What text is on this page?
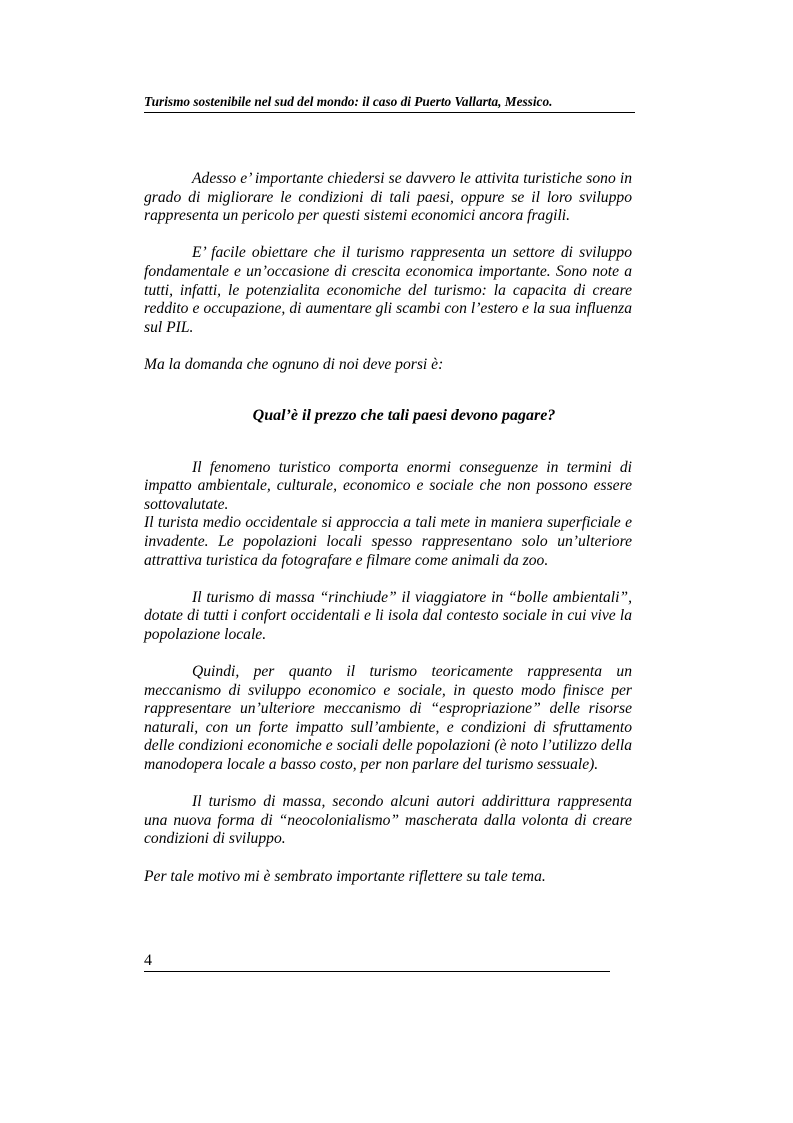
Turismo sostenibile nel sud del mondo: il caso di Puerto Vallarta, Messico.

Adesso e’ importante chiedersi se davvero le attivita turistiche sono in grado di migliorare le condizioni di tali paesi, oppure se il loro sviluppo rappresenta un pericolo per questi sistemi economici ancora fragili.

E’ facile obiettare che il turismo rappresenta un settore di sviluppo fondamentale e un’occasione di crescita economica importante. Sono note a tutti, infatti, le potenzialita economiche del turismo: la capacita di creare reddito e occupazione, di aumentare gli scambi con l’estero e la sua influenza sul PIL.

Ma la domanda che ognuno di noi deve porsi è:

Qual’è il prezzo che tali paesi devono pagare?

Il fenomeno turistico comporta enormi conseguenze in termini di impatto ambientale, culturale, economico e sociale che non possono essere sottovalutate.

Il turista medio occidentale si approccia a tali mete in maniera superficiale e invadente. Le popolazioni locali spesso rappresentano solo un’ulteriore attrattiva turistica da fotografare e filmare come animali da zoo.

Il turismo di massa “rinchiude” il viaggiatore in “bolle ambientali”, dotate di tutti i confort occidentali e li isola dal contesto sociale in cui vive la popolazione locale.

Quindi, per quanto il turismo teoricamente rappresenta un meccanismo di sviluppo economico e sociale, in questo modo finisce per rappresentare un’ulteriore meccanismo di “espropriazione” delle risorse naturali, con un forte impatto sull’ambiente, e condizioni di sfruttamento delle condizioni economiche e sociali delle popolazioni (è noto l’utilizzo della manodopera locale a basso costo, per non parlare del turismo sessuale).

Il turismo di massa, secondo alcuni autori addirittura rappresenta una nuova forma di “neocolonialismo” mascherata dalla volonta di creare condizioni di sviluppo.

Per tale motivo mi è sembrato importante riflettere su tale tema.

4
